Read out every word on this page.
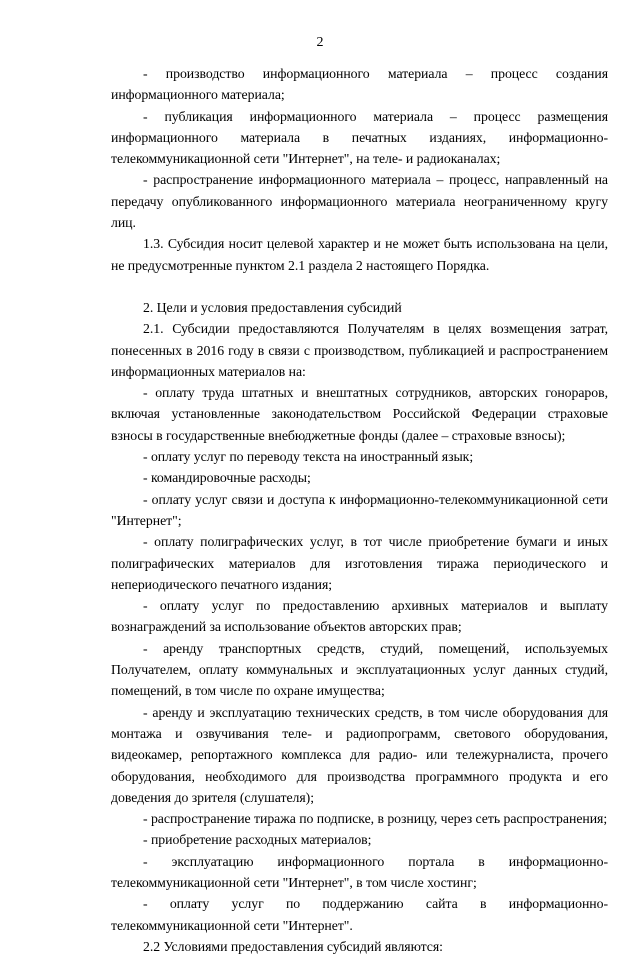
2

- производство информационного материала – процесс создания информационного материала;

- публикация информационного материала – процесс размещения информационного материала в печатных изданиях, информационно-телекоммуникационной сети "Интернет", на теле- и радиоканалах;

- распространение информационного материала – процесс, направленный на передачу опубликованного информационного материала неограниченному кругу лиц.

1.3. Субсидия носит целевой характер и не может быть использована на цели, не предусмотренные пунктом 2.1 раздела 2 настоящего Порядка.

2. Цели и условия предоставления субсидий

2.1. Субсидии предоставляются Получателям в целях возмещения затрат, понесенных в 2016 году в связи с производством, публикацией и распространением информационных материалов на:

- оплату труда штатных и внештатных сотрудников, авторских гонораров, включая установленные законодательством Российской Федерации страховые взносы в государственные внебюджетные фонды (далее – страховые взносы);

- оплату услуг по переводу текста на иностранный язык;

- командировочные расходы;

- оплату услуг связи и доступа к информационно-телекоммуникационной сети "Интернет";

- оплату полиграфических услуг, в тот числе приобретение бумаги и иных полиграфических материалов для изготовления тиража периодического и непериодического печатного издания;

- оплату услуг по предоставлению архивных материалов и выплату вознаграждений за использование объектов авторских прав;

- аренду транспортных средств, студий, помещений, используемых Получателем, оплату коммунальных и эксплуатационных услуг данных студий, помещений, в том числе по охране имущества;

- аренду и эксплуатацию технических средств, в том числе оборудования для монтажа и озвучивания теле- и радиопрограмм, светового оборудования, видеокамер, репортажного комплекса для радио- или тележурналиста, прочего оборудования, необходимого для производства программного продукта и его доведения до зрителя (слушателя);

- распространение тиража по подписке, в розницу, через сеть распространения;

- приобретение расходных материалов;

- эксплуатацию информационного портала в информационно-телекоммуникационной сети "Интернет", в том числе хостинг;

- оплату услуг по поддержанию сайта в информационно-телекоммуникационной сети "Интернет".

2.2 Условиями предоставления субсидий являются:
